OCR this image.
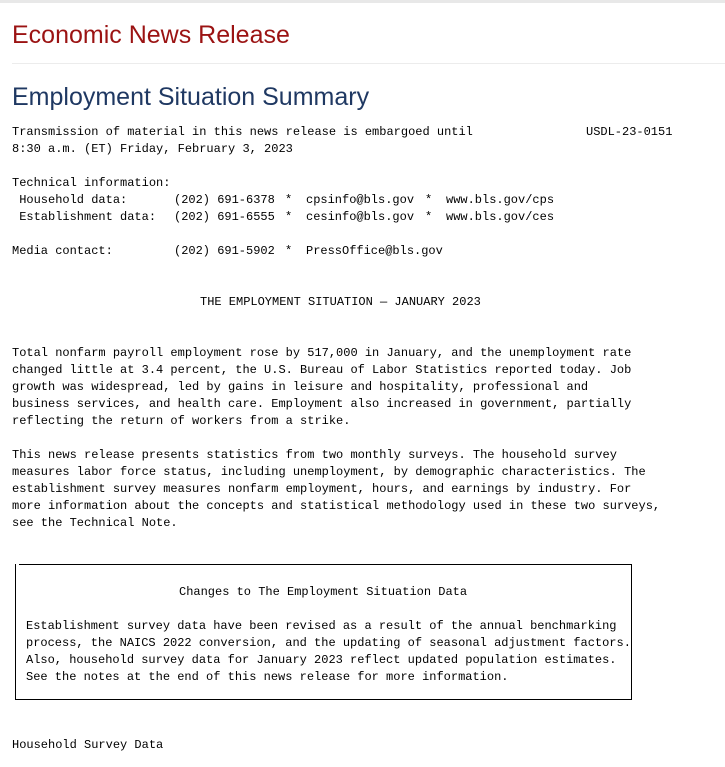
Economic News Release
Employment Situation Summary

Transmission of material in this news release is embargoed until	USDL-23-0151

8:30 a.m. (ET) Friday, February 3, 2023

Technical information:

Household data:	(202) 691-6378 * cpsinfo@bls.gov * www.bls.gov/cps

Establishment data: (202) 691-6555 * cesinfo@bls.gov * www.bls.gov/ces

Media contact:	(202) 691-5902 * PressOffice@bls.gov

THE EMPLOYMENT SITUATION — JANUARY 2023

Total nonfarm payroll employment rose by 517,000 in January, and the unemployment rate

changed little at 3.4 percent, the U.S. Bureau of Labor Statistics reported today. Job

growth was widespread, led by gains in leisure and hospitality, professional and

business services, and health care. Employment also increased in government, partially

reflecting the return of workers from a strike.

This news release presents statistics from two monthly surveys. The household survey

measures labor force status, including unemployment, by demographic characteristics. The

establishment survey measures nonfarm employment, hours, and earnings by industry. For

more information about the concepts and statistical methodology used in these two surveys,

see the Technical Note.

Changes to The Employment Situation Data

Establishment survey data have been revised as a result of the annual benchmarking

process, the NAICS 2022 conversion, and the updating of seasonal adjustment factors.

Also, household survey data for January 2023 reflect updated population estimates.

See the notes at the end of this news release for more information.

Household Survey Data
